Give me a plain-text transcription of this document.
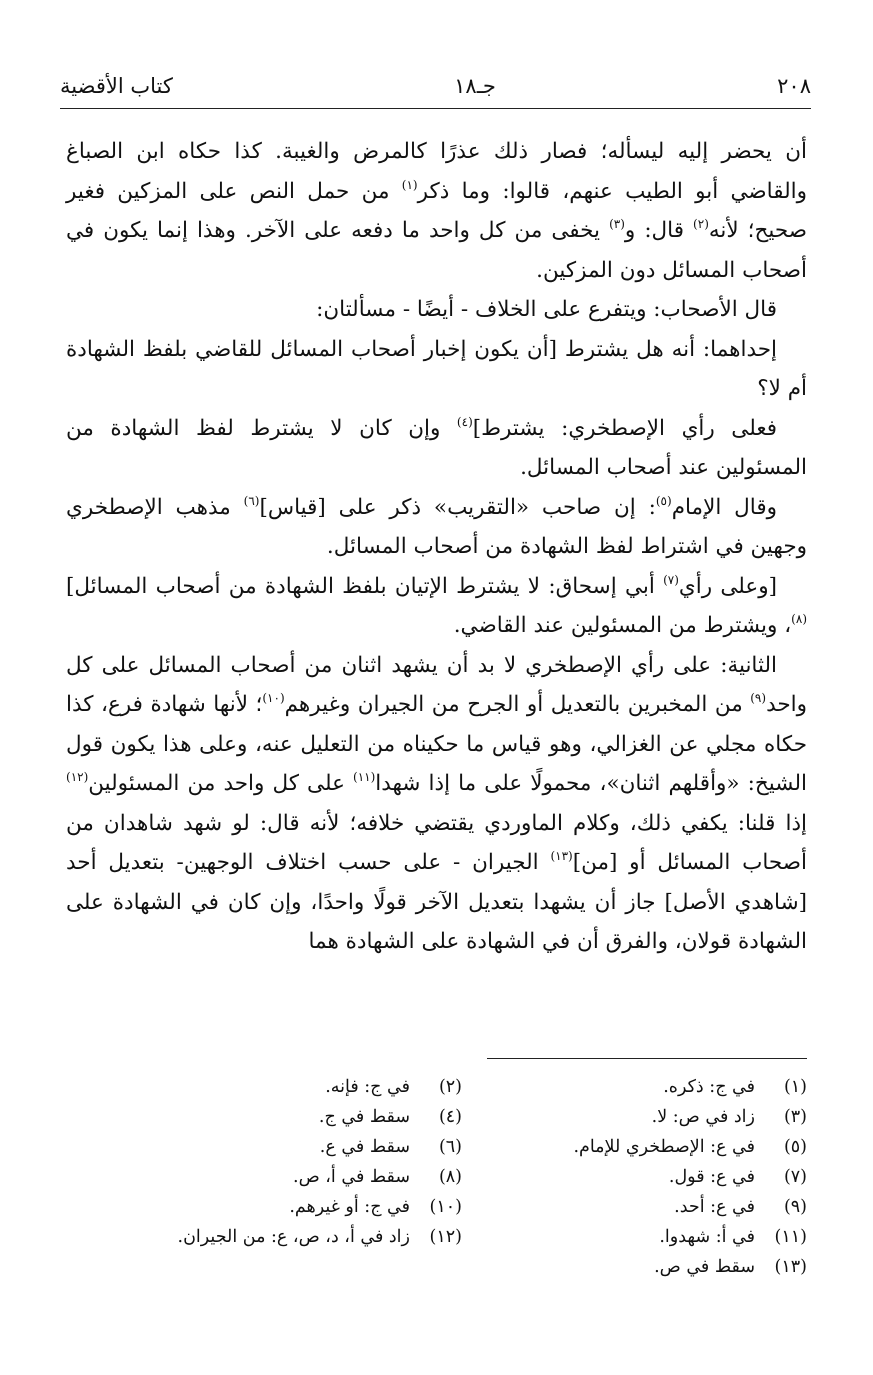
٢٠٨
جـ١٨
كتاب الأقضية

أن يحضر إليه ليسأله؛ فصار ذلك عذرًا كالمرض والغيبة. كذا حكاه ابن الصباغ والقاضي أبو الطيب عنهم، قالوا: وما ذكر$^{(١)}$ من حمل النص على المزكين فغير صحيح؛ لأنه$^{(٢)}$ قال: و$^{(٣)}$ يخفى من كل واحد ما دفعه على الآخر. وهذا إنما يكون في أصحاب المسائل دون المزكين.

قال الأصحاب: ويتفرع على الخلاف - أيضًا - مسألتان:

إحداهما: أنه هل يشترط [أن يكون إخبار أصحاب المسائل للقاضي بلفظ الشهادة أم لا؟

فعلى رأي الإصطخري: يشترط]$^{(٤)}$ وإن كان لا يشترط لفظ الشهادة من المسئولين عند أصحاب المسائل.

وقال الإمام$^{(٥)}$: إن صاحب «التقريب» ذكر على [قياس]$^{(٦)}$ مذهب الإصطخري وجهين في اشتراط لفظ الشهادة من أصحاب المسائل.

[وعلى رأي$^{(٧)}$ أبي إسحاق: لا يشترط الإتيان بلفظ الشهادة من أصحاب المسائل]$^{(٨)}$، ويشترط من المسئولين عند القاضي.

الثانية: على رأي الإصطخري لا بد أن يشهد اثنان من أصحاب المسائل على كل واحد$^{(٩)}$ من المخبرين بالتعديل أو الجرح من الجيران وغيرهم$^{(١٠)}$؛ لأنها شهادة فرع، كذا حكاه مجلي عن الغزالي، وهو قياس ما حكيناه من التعليل عنه، وعلى هذا يكون قول الشيخ: «وأقلهم اثنان»، محمولًا على ما إذا شهدا$^{(١١)}$ على كل واحد من المسئولين$^{(١٢)}$ إذا قلنا: يكفي ذلك، وكلام الماوردي يقتضي خلافه؛ لأنه قال: لو شهد شاهدان من أصحاب المسائل أو [من]$^{(١٣)}$ الجيران - على حسب اختلاف الوجهين- بتعديل أحد [شاهدي الأصل] جاز أن يشهدا بتعديل الآخر قولًا واحدًا، وإن كان في الشهادة على الشهادة قولان، والفرق أن في الشهادة على الشهادة هما

(١)
في ج: ذكره.
(٣)
زاد في ص: لا.
(٥)
في ع: الإصطخري للإمام.
(٧)
في ع: قول.
(٩)
في ع: أحد.
(١١)
في أ: شهدوا.
(١٣)
سقط في ص.
(٢)
في ج: فإنه.
(٤)
سقط في ج.
(٦)
سقط في ع.
(٨)
سقط في أ، ص.
(١٠)
في ج: أو غيرهم.
(١٢)
زاد في أ، د، ص، ع: من الجيران.
